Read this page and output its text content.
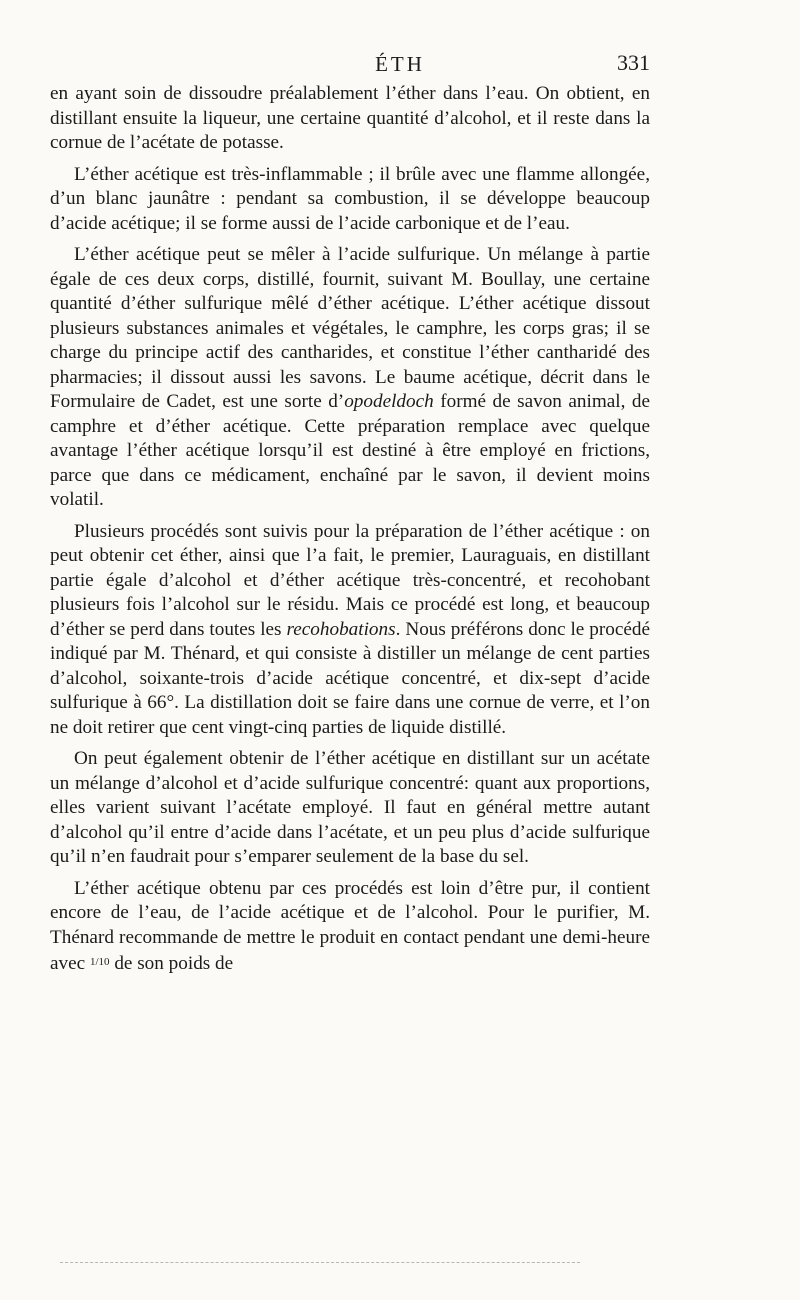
ÉTH	331

en ayant soin de dissoudre préalablement l’éther dans l’eau. On obtient, en distillant ensuite la liqueur, une certaine quantité d’alcohol, et il reste dans la cornue de l’acétate de potasse.

L’éther acétique est très-inflammable ; il brûle avec une flamme allongée, d’un blanc jaunâtre : pendant sa combustion, il se développe beaucoup d’acide acétique; il se forme aussi de l’acide carbonique et de l’eau.

L’éther acétique peut se mêler à l’acide sulfurique. Un mélange à partie égale de ces deux corps, distillé, fournit, suivant M. Boullay, une certaine quantité d’éther sulfurique mêlé d’éther acétique. L’éther acétique dissout plusieurs substances animales et végétales, le camphre, les corps gras; il se charge du principe actif des cantharides, et constitue l’éther cantharidé des pharmacies; il dissout aussi les savons. Le baume acétique, décrit dans le Formulaire de Cadet, est une sorte d’opodeldoch formé de savon animal, de camphre et d’éther acétique. Cette préparation remplace avec quelque avantage l’éther acétique lorsqu’il est destiné à être employé en frictions, parce que dans ce médicament, enchaîné par le savon, il devient moins volatil.

Plusieurs procédés sont suivis pour la préparation de l’éther acétique : on peut obtenir cet éther, ainsi que l’a fait, le premier, Lauraguais, en distillant partie égale d’alcohol et d’éther acétique très-concentré, et recohobant plusieurs fois l’alcohol sur le résidu. Mais ce procédé est long, et beaucoup d’éther se perd dans toutes les recohobations. Nous préférons donc le procédé indiqué par M. Thénard, et qui consiste à distiller un mélange de cent parties d’alcohol, soixante-trois d’acide acétique concentré, et dix-sept d’acide sulfurique à 66°. La distillation doit se faire dans une cornue de verre, et l’on ne doit retirer que cent vingt-cinq parties de liquide distillé.

On peut également obtenir de l’éther acétique en distillant sur un acétate un mélange d’alcohol et d’acide sulfurique concentré: quant aux proportions, elles varient suivant l’acétate employé. Il faut en général mettre autant d’alcohol qu’il entre d’acide dans l’acétate, et un peu plus d’acide sulfurique qu’il n’en faudrait pour s’emparer seulement de la base du sel.

L’éther acétique obtenu par ces procédés est loin d’être pur, il contient encore de l’eau, de l’acide acétique et de l’alcohol. Pour le purifier, M. Thénard recommande de mettre le produit en contact pendant une demi-heure avec $^{1/10}$ de son poids de
